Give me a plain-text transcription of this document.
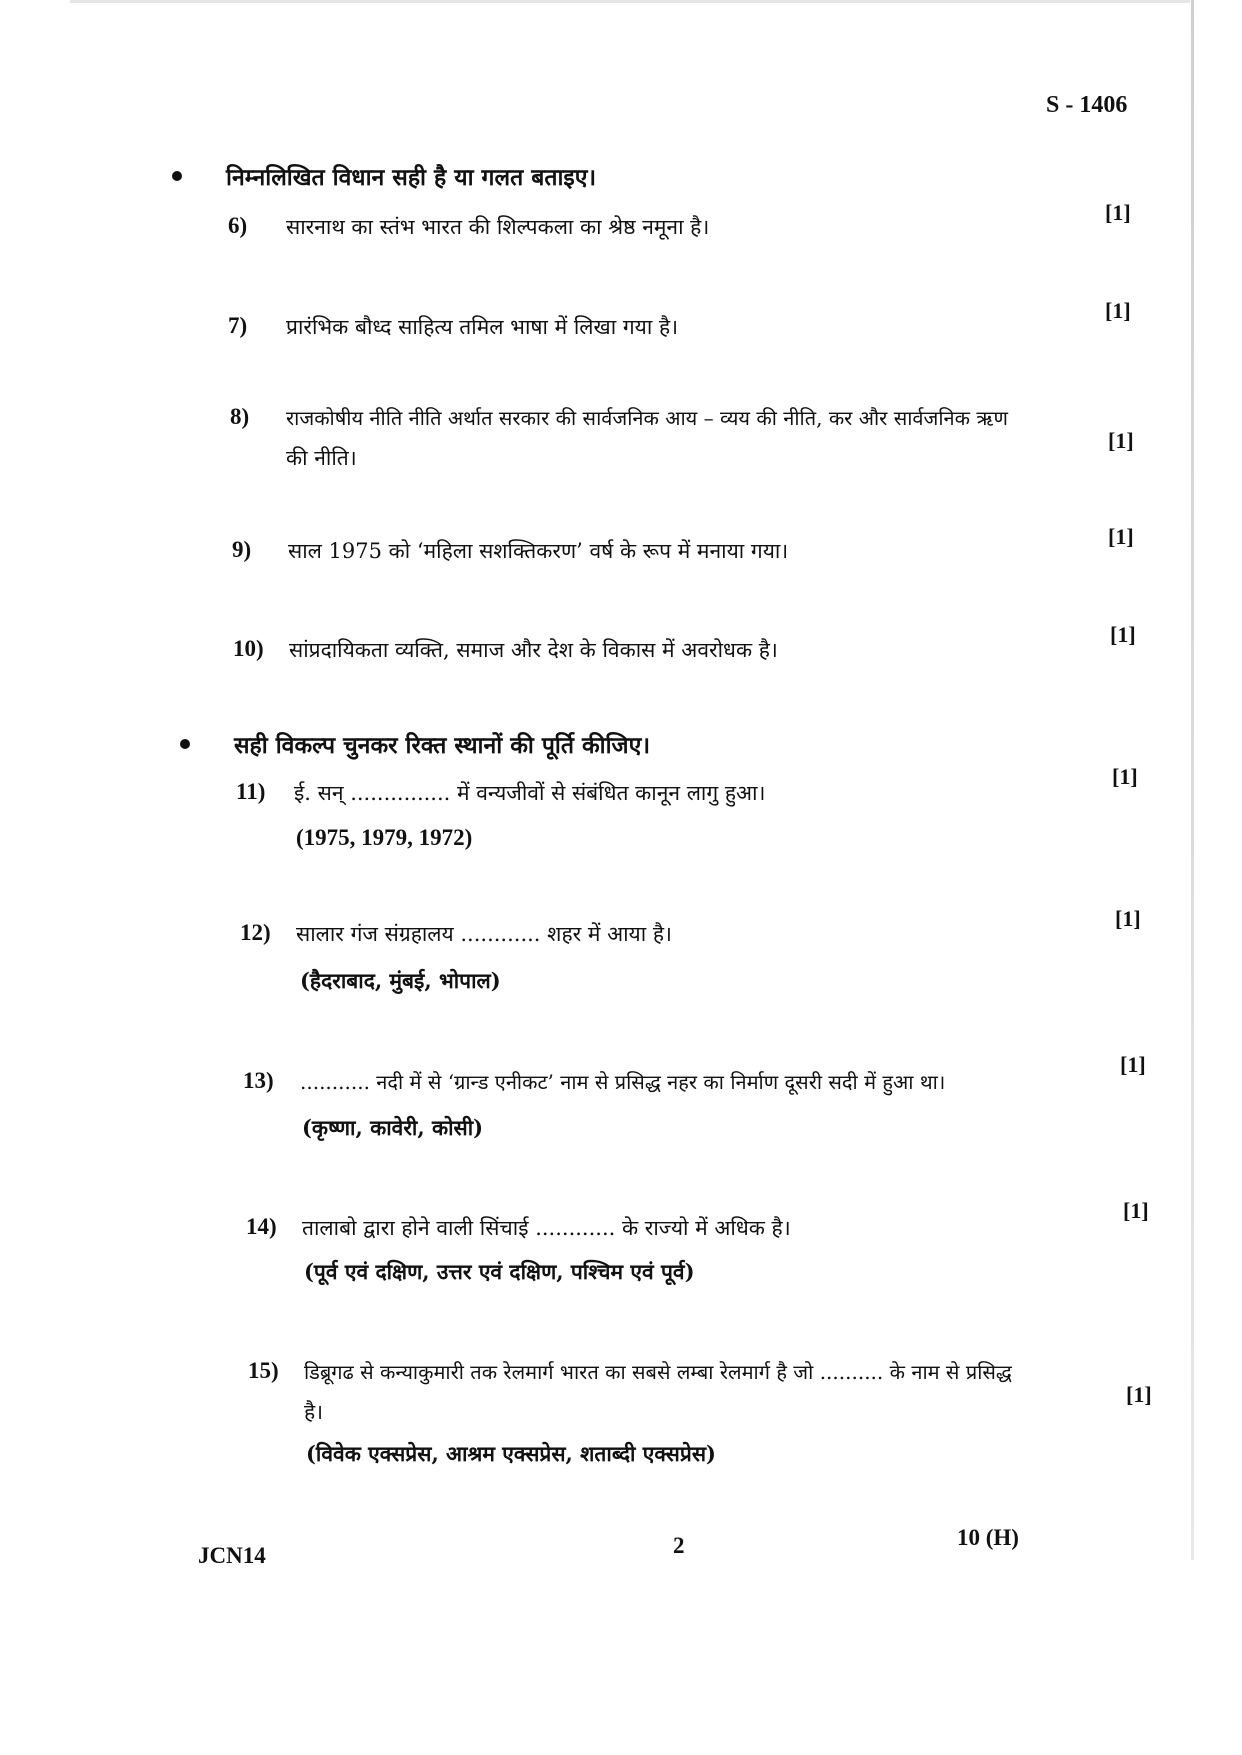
S - 1406
निम्नलिखित विधान सही है या गलत बताइए।
6) सारनाथ का स्तंभ भारत की शिल्पकला का श्रेष्ठ नमूना है।
[1]
7) प्रारंभिक बौध्द साहित्य तमिल भाषा में लिखा गया है।
[1]
8) राजकोषीय नीति नीति अर्थात सरकार की सार्वजनिक आय – व्यय की नीति, कर और सार्वजनिक ऋण
की नीति।
[1]
9) साल 1975 को ‘महिला सशक्तिकरण’ वर्ष के रूप में मनाया गया।
[1]
10) सांप्रदायिकता व्यक्ति, समाज और देश के विकास में अवरोधक है।
[1]
सही विकल्प चुनकर रिक्त स्थानों की पूर्ति कीजिए।
11) ई. सन् ............... में वन्यजीवों से संबंधित कानून लागु हुआ।
(1975, 1979, 1972)
[1]
12) सालार गंज संग्रहालय ............ शहर में आया है।
(हैदराबाद, मुंबई, भोपाल)
[1]
13) ........... नदी में से ‘ग्रान्ड एनीकट’ नाम से प्रसिद्ध नहर का निर्माण दूसरी सदी में हुआ था।
(कृष्णा, कावेरी, कोसी)
[1]
14) तालाबो द्वारा होने वाली सिंचाई ............ के राज्यो में अधिक है।
(पूर्व एवं दक्षिण, उत्तर एवं दक्षिण, पश्चिम एवं पूर्व)
[1]
15) डिब्रूगढ से कन्याकुमारी तक रेलमार्ग भारत का सबसे लम्बा रेलमार्ग है जो .......... के नाम से प्रसिद्ध
है।
(विवेक एक्सप्रेस, आश्रम एक्सप्रेस, शताब्दी एक्सप्रेस)
[1]
JCN14	2	10 (H)
